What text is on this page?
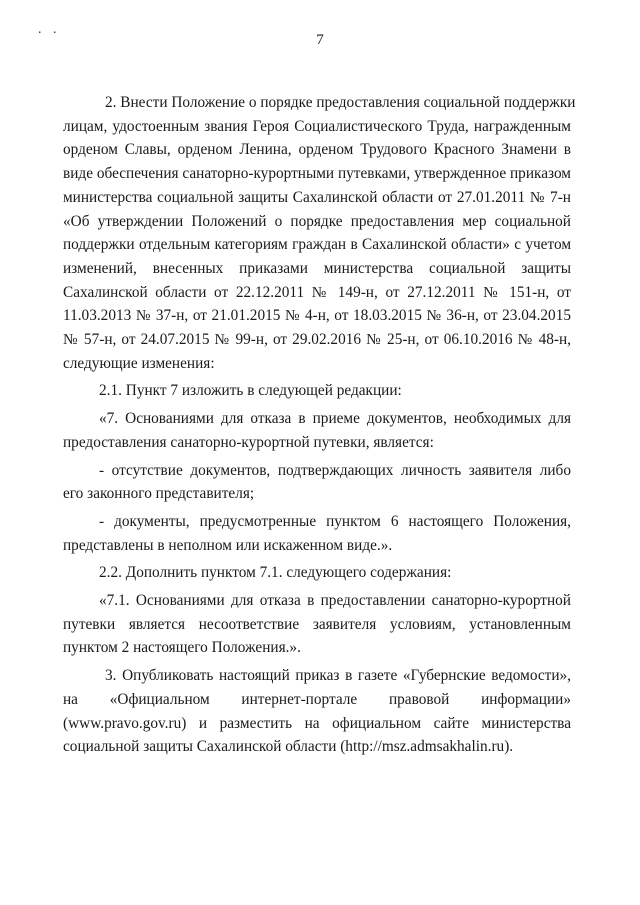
. .
7
2. Внести Положение о порядке предоставления социальной поддержки
лицам, удостоенным звания Героя Социалистического Труда, награжденным
орденом Славы, орденом Ленина, орденом Трудового Красного Знамени в
виде обеспечения санаторно-курортными путевками, утвержденное приказом
министерства социальной защиты Сахалинской области от 27.01.2011 № 7-н
«Об утверждении Положений о порядке предоставления мер социальной
поддержки отдельным категориям граждан в Сахалинской области» с учетом
изменений, внесенных приказами министерства социальной защиты
Сахалинской области от 22.12.2011 № 149-н, от 27.12.2011 № 151-н, от
11.03.2013 № 37-н, от 21.01.2015 № 4-н, от 18.03.2015 № 36-н, от 23.04.2015
№ 57-н, от 24.07.2015 № 99-н, от 29.02.2016 № 25-н, от 06.10.2016 № 48-н,
следующие изменения:
2.1. Пункт 7 изложить в следующей редакции:
«7. Основаниями для отказа в приеме документов, необходимых для
предоставления санаторно-курортной путевки, является:
- отсутствие документов, подтверждающих личность заявителя либо
его законного представителя;
- документы, предусмотренные пунктом 6 настоящего Положения,
представлены в неполном или искаженном виде.».
2.2. Дополнить пунктом 7.1. следующего содержания:
«7.1. Основаниями для отказа в предоставлении санаторно-курортной
путевки является несоответствие заявителя условиям, установленным
пунктом 2 настоящего Положения.».
3. Опубликовать настоящий приказ в газете «Губернские ведомости»,
на «Официальном интернет-портале правовой информации»
(www.pravo.gov.ru) и разместить на официальном сайте министерства
социальной защиты Сахалинской области (http://msz.admsakhalin.ru).
